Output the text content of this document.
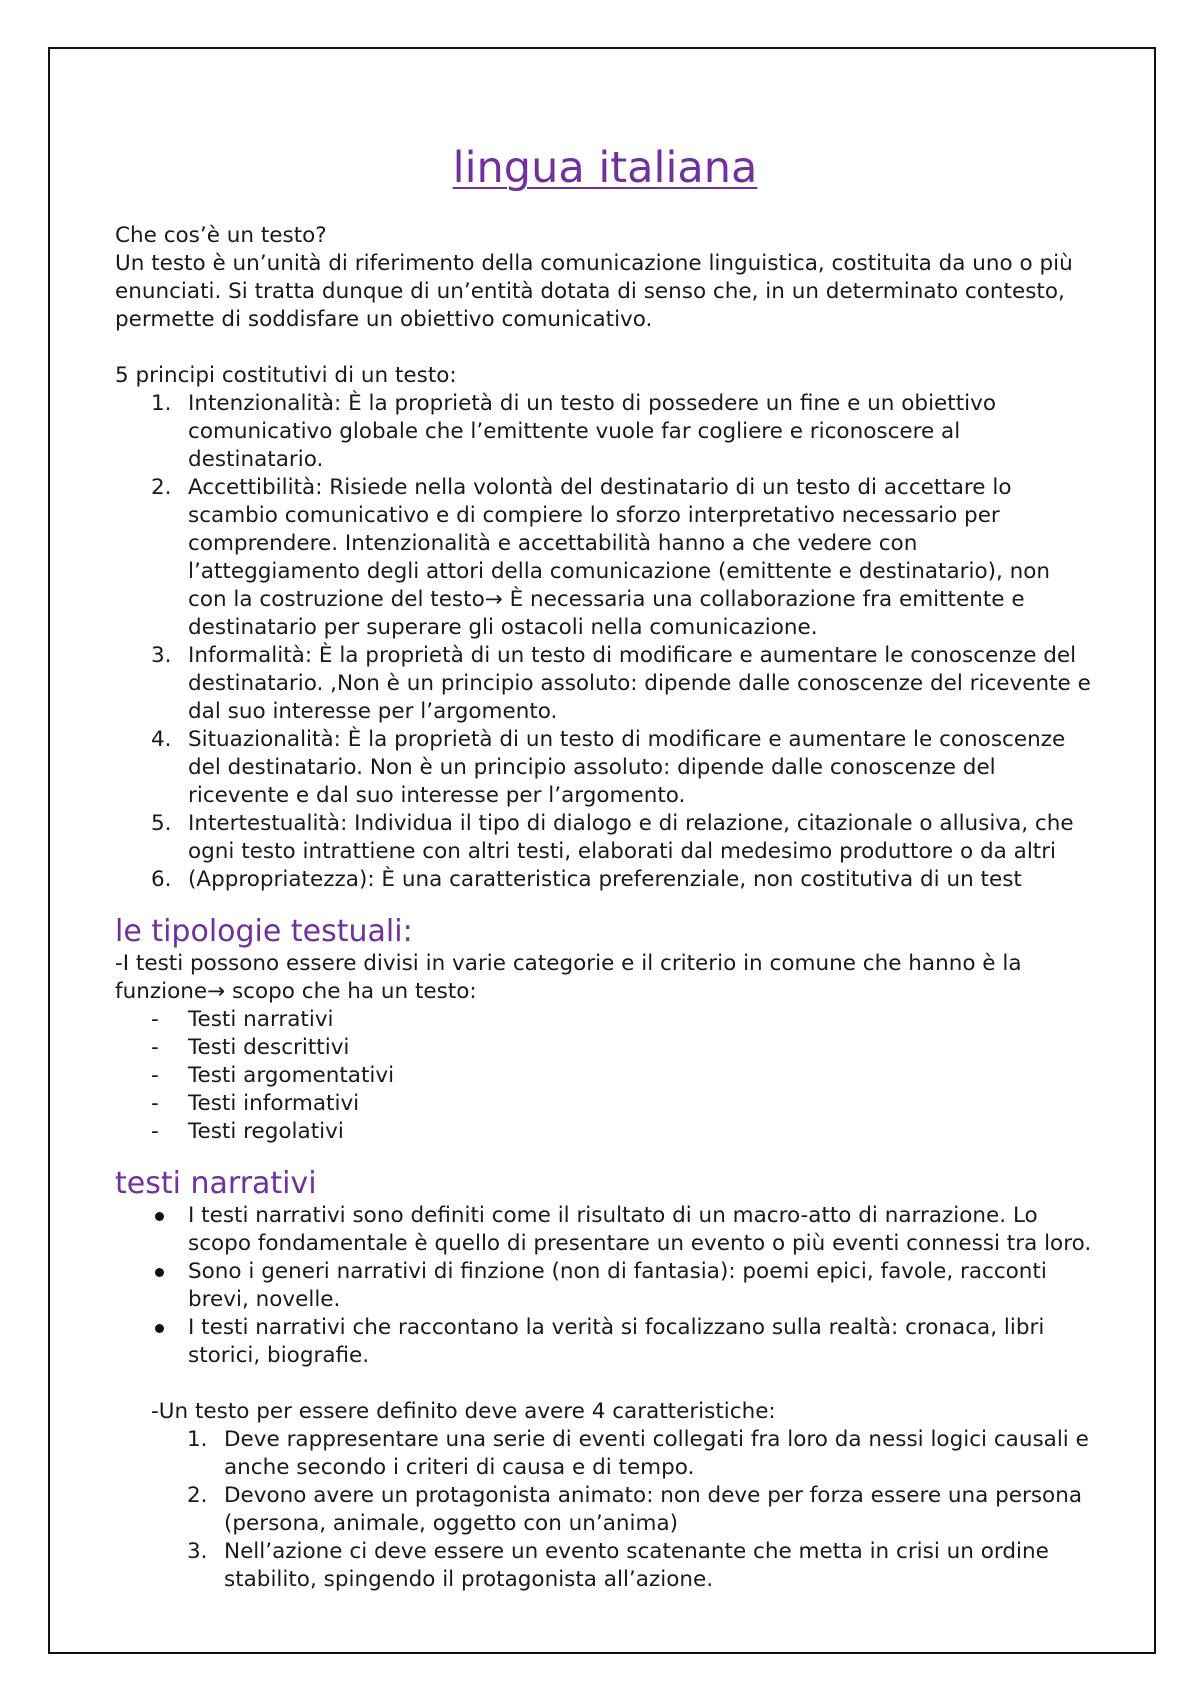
lingua italiana

Che cos’è un testo?

Un testo è un’unità di riferimento della comunicazione linguistica, costituita da uno o più enunciati. Si tratta dunque di un’entità dotata di senso che, in un determinato contesto, permette di soddisfare un obiettivo comunicativo.

5 principi costitutivi di un testo:

1. Intenzionalità: È la proprietà di un testo di possedere un fine e un obiettivo comunicativo globale che l’emittente vuole far cogliere e riconoscere al destinatario.
2. Accettibilità: Risiede nella volontà del destinatario di un testo di accettare lo scambio comunicativo e di compiere lo sforzo interpretativo necessario per comprendere. Intenzionalità e accettabilità hanno a che vedere con l’atteggiamento degli attori della comunicazione (emittente e destinatario), non con la costruzione del testo→ È necessaria una collaborazione fra emittente e destinatario per superare gli ostacoli nella comunicazione.
3. Informalità: È la proprietà di un testo di modificare e aumentare le conoscenze del destinatario. ,Non è un principio assoluto: dipende dalle conoscenze del ricevente e dal suo interesse per l’argomento.
4. Situazionalità: È la proprietà di un testo di modificare e aumentare le conoscenze del destinatario. Non è un principio assoluto: dipende dalle conoscenze del ricevente e dal suo interesse per l’argomento.
5. Intertestualità: Individua il tipo di dialogo e di relazione, citazionale o allusiva, che ogni testo intrattiene con altri testi, elaborati dal medesimo produttore o da altri
6. (Appropriatezza): È una caratteristica preferenziale, non costitutiva di un test
le tipologie testuali:

-I testi possono essere divisi in varie categorie e il criterio in comune che hanno è la funzione→ scopo che ha un testo:

-	Testi narrativi
-	Testi descrittivi
-	Testi argomentativi
-	Testi informativi
-	Testi regolativi
testi narrativi
I testi narrativi sono definiti come il risultato di un macro-atto di narrazione. Lo scopo fondamentale è quello di presentare un evento o più eventi connessi tra loro.
Sono i generi narrativi di finzione (non di fantasia): poemi epici, favole, racconti brevi, novelle.
I testi narrativi che raccontano la verità si focalizzano sulla realtà: cronaca, libri storici, biografie.

-Un testo per essere definito deve avere 4 caratteristiche:

1. Deve rappresentare una serie di eventi collegati fra loro da nessi logici causali e anche secondo i criteri di causa e di tempo.
2. Devono avere un protagonista animato: non deve per forza essere una persona (persona, animale, oggetto con un’anima)
3. Nell’azione ci deve essere un evento scatenante che metta in crisi un ordine stabilito, spingendo il protagonista all’azione.
